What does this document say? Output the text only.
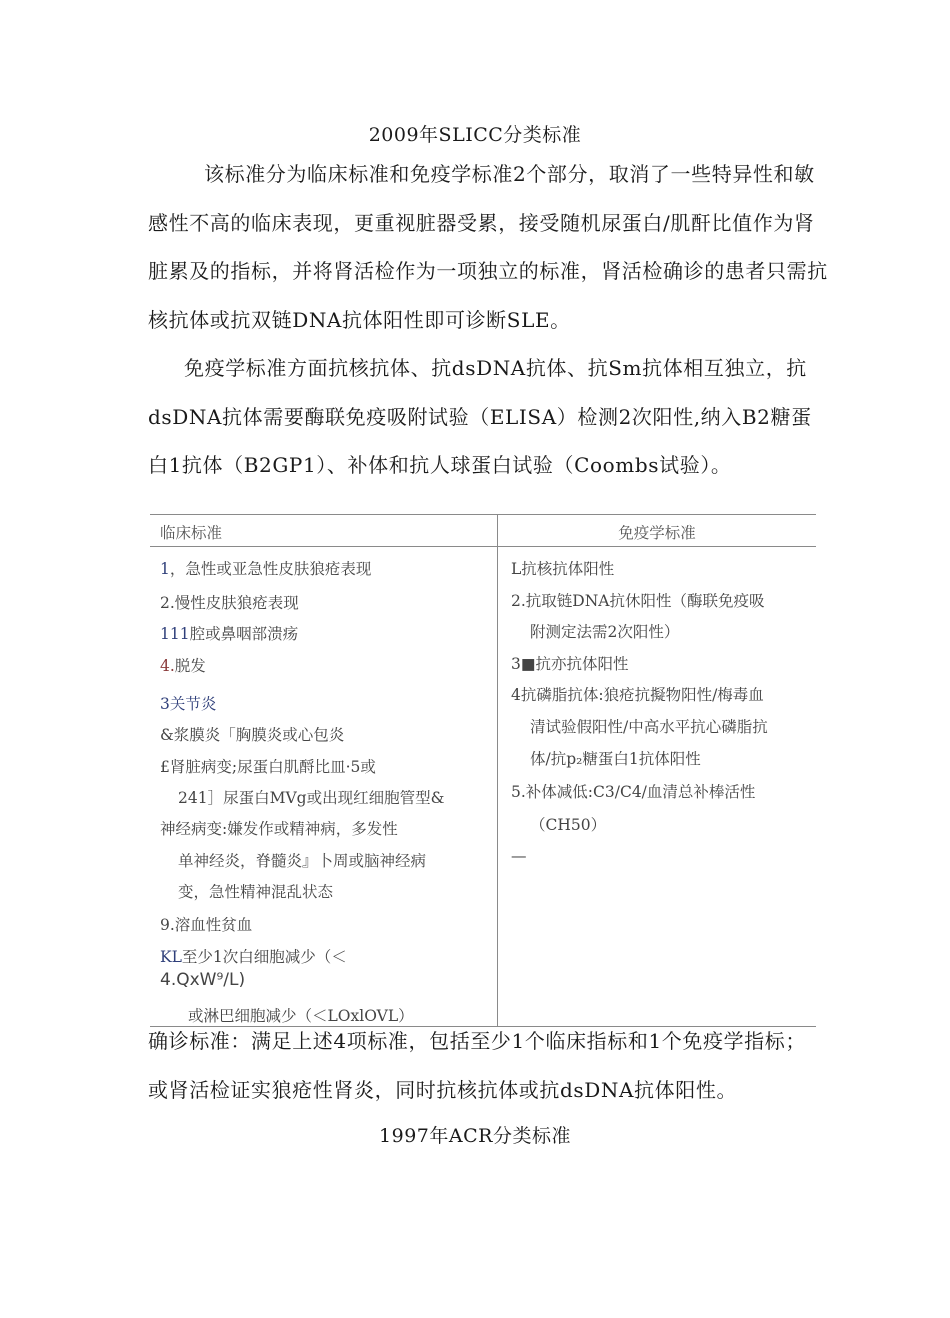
2009年SLICC分类标准

该标准分为临床标准和免疫学标准2个部分，取消了一些特异性和敏感性不高的临床表现，更重视脏器受累，接受随机尿蛋白/肌酐比值作为肾脏累及的指标，并将肾活检作为一项独立的标准，肾活检确诊的患者只需抗核抗体或抗双链DNA抗体阳性即可诊断SLE。

免疫学标准方面抗核抗体、抗dsDNA抗体、抗Sm抗体相互独立，抗dsDNA抗体需要酶联免疫吸附试验（ELISA）检测2次阳性,纳入B2糖蛋白1抗体（B2GP1）、补体和抗人球蛋白试验（Coombs试验）。

临床标准	免疫学标准
1，急性或亚急性皮肤狼疮表现
2.慢性皮肤狼疮表现
111腔或鼻咽部溃疡
4.脱发
3关节炎
&浆膜炎「胸膜炎或心包炎
£肾脏病变;尿蛋白肌酹比皿·5或
241］尿蛋白MVg或出现红细胞管型&
神经病变:嫌发作或精神病，多发性
单神经炎，脊髓炎』卜周或脑神经病
变，急性精神混乱状态
9.溶血性贫血
KL至少1次白细胞减少（＜
4.QxW⁹/L)
或淋巴细胞减少（＜LOxlOVL）
L抗核抗体阳性
2.抗取链DNA抗休阳性（酶联免疫吸
附测定法需2次阳性）
3■抗亦抗体阳性
4抗磷脂抗体:狼疮抗擬物阳性/梅毒血
清试验假阳性/中高水平抗心磷脂抗
体/抗p₂糖蛋白1抗体阳性
5.补体减低:C3/C4/血清总补棒活性
（CH50）
—

确诊标准：满足上述4项标准，包括至少1个临床指标和1个免疫学指标；或肾活检证实狼疮性肾炎，同时抗核抗体或抗dsDNA抗体阳性。

1997年ACR分类标准
